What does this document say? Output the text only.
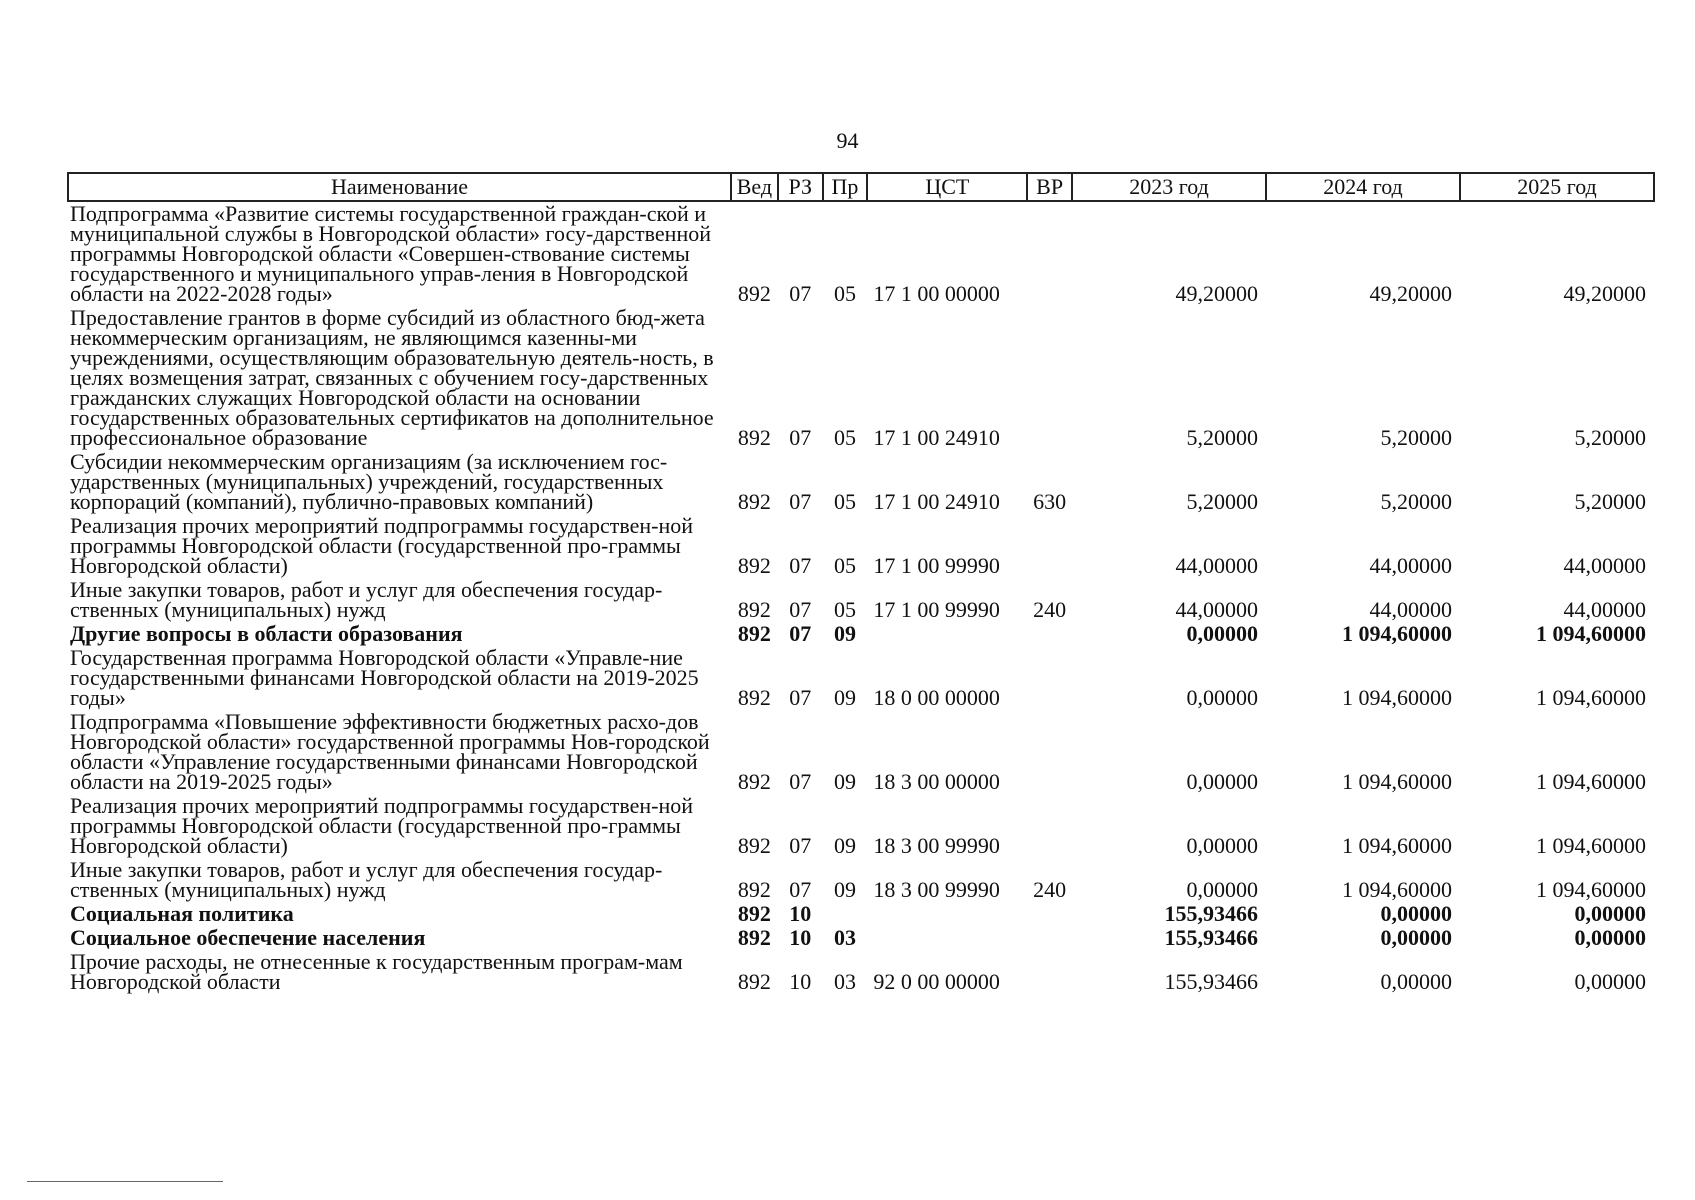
94
Наименование	Вед	РЗ	Пр	ЦСТ	ВР	2023 год	2024 год	2025 год
Подпрограмма «Развитие системы государственной граждан-ской и муниципальной службы в Новгородской области» госу-дарственной программы Новгородской области «Совершен-ствование системы государственного и муниципального управ-ления в Новгородской области на 2022-2028 годы»	892	07	05	17 1 00 00000		49,20000	49,20000	49,20000
Предоставление грантов в форме субсидий из областного бюд-жета некоммерческим организациям, не являющимся казенны-ми учреждениями, осуществляющим образовательную деятель-ность, в целях возмещения затрат, связанных с обучением госу-дарственных гражданских служащих Новгородской области на основании государственных образовательных сертификатов на дополнительное профессиональное образование	892	07	05	17 1 00 24910		5,20000	5,20000	5,20000
Субсидии некоммерческим организациям (за исключением гос-ударственных (муниципальных) учреждений, государственных корпораций (компаний), публично-правовых компаний)	892	07	05	17 1 00 24910	630	5,20000	5,20000	5,20000
Реализация прочих мероприятий подпрограммы государствен-ной программы Новгородской области (государственной про-граммы Новгородской области)	892	07	05	17 1 00 99990		44,00000	44,00000	44,00000
Иные закупки товаров, работ и услуг для обеспечения государ-ственных (муниципальных) нужд	892	07	05	17 1 00 99990	240	44,00000	44,00000	44,00000
Другие вопросы в области образования	892	07	09			0,00000	1 094,60000	1 094,60000
Государственная программа Новгородской области «Управле-ние государственными финансами Новгородской области на 2019-2025 годы»	892	07	09	18 0 00 00000		0,00000	1 094,60000	1 094,60000
Подпрограмма «Повышение эффективности бюджетных расхо-дов Новгородской области» государственной программы Нов-городской области «Управление государственными финансами Новгородской области на 2019-2025 годы»	892	07	09	18 3 00 00000		0,00000	1 094,60000	1 094,60000
Реализация прочих мероприятий подпрограммы государствен-ной программы Новгородской области (государственной про-граммы Новгородской области)	892	07	09	18 3 00 99990		0,00000	1 094,60000	1 094,60000
Иные закупки товаров, работ и услуг для обеспечения государ-ственных (муниципальных) нужд	892	07	09	18 3 00 99990	240	0,00000	1 094,60000	1 094,60000
Социальная политика	892	10				155,93466	0,00000	0,00000
Социальное обеспечение населения	892	10	03			155,93466	0,00000	0,00000
Прочие расходы, не отнесенные к государственным програм-мам Новгородской области	892	10	03	92 0 00 00000		155,93466	0,00000	0,00000
